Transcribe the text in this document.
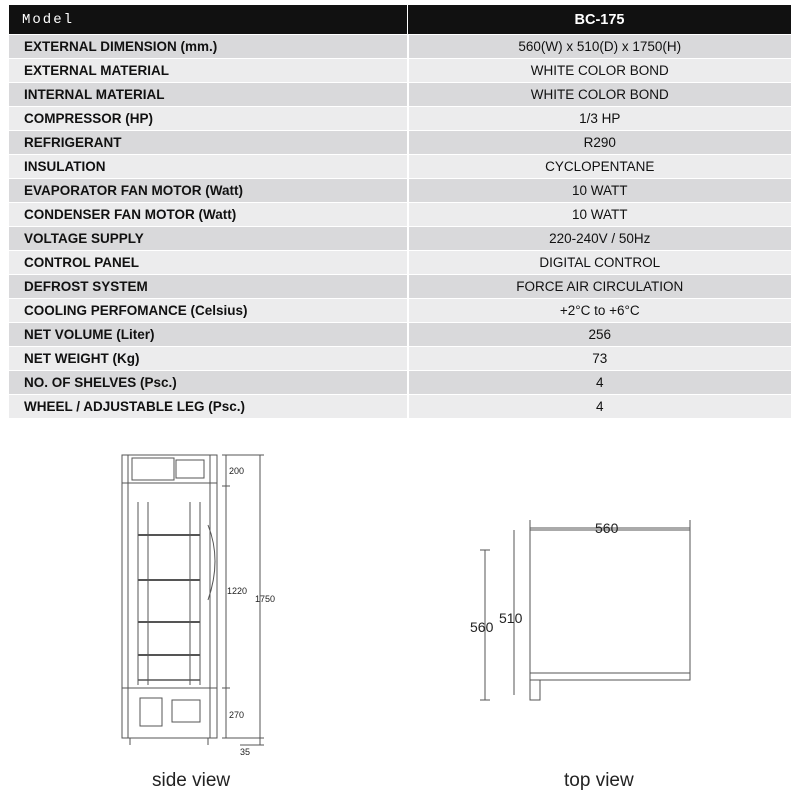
Model	BC-175
EXTERNAL DIMENSION (mm.)	560(W) x 510(D) x 1750(H)
EXTERNAL MATERIAL	WHITE COLOR BOND
INTERNAL MATERIAL	WHITE COLOR BOND
COMPRESSOR (HP)	1/3 HP
REFRIGERANT	R290
INSULATION	CYCLOPENTANE
EVAPORATOR FAN MOTOR (Watt)	10 WATT
CONDENSER FAN MOTOR (Watt)	10 WATT
VOLTAGE SUPPLY	220-240V / 50Hz
CONTROL PANEL	DIGITAL CONTROL
DEFROST SYSTEM	FORCE AIR CIRCULATION
COOLING PERFOMANCE (Celsius)	+2°C to +6°C
NET VOLUME (Liter)	256
NET WEIGHT (Kg)	73
NO. OF SHELVES (Psc.)	4
WHEEL / ADJUSTABLE LEG (Psc.)	4
200
1220
1750
270
35
560
560
510
side view	top view
